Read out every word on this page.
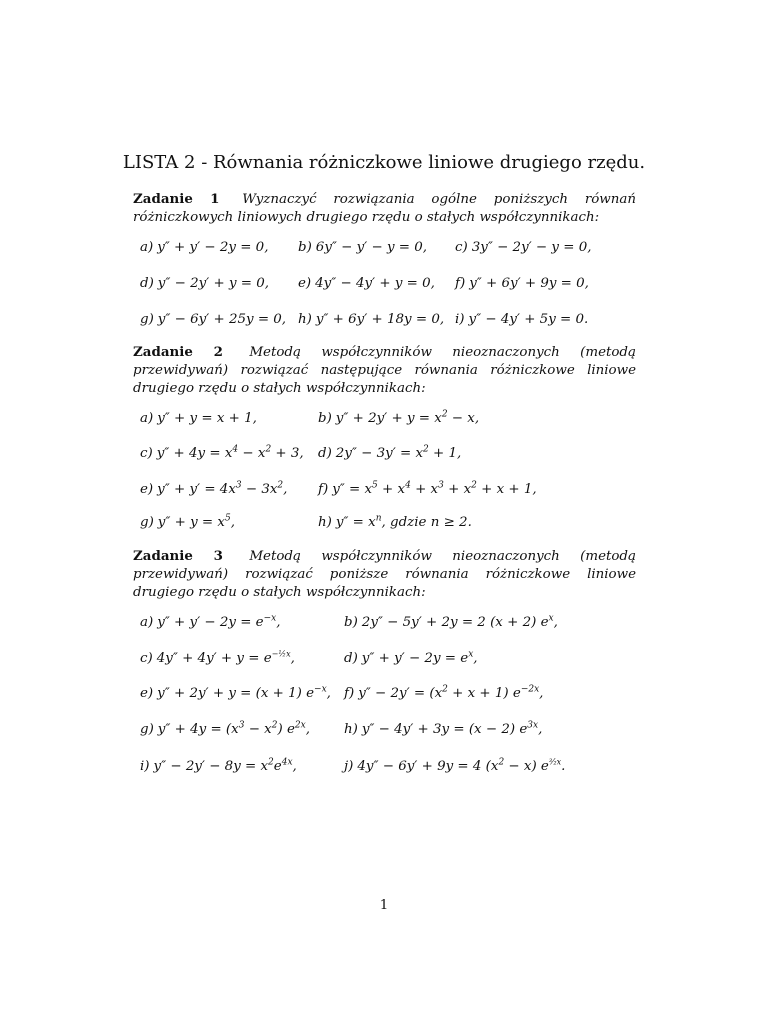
LISTA 2 - Równania różniczkowe liniowe drugiego rzędu.
Zadanie 1 Wyznaczyć rozwiązania ogólne poniższych równań różniczkowych liniowych drugiego rzędu o stałych współczynnikach:
a) y″ + y′ − 2y = 0, b) 6y″ − y′ − y = 0, c) 3y″ − 2y′ − y = 0,
d) y″ − 2y′ + y = 0, e) 4y″ − 4y′ + y = 0, f) y″ + 6y′ + 9y = 0,
g) y″ − 6y′ + 25y = 0, h) y″ + 6y′ + 18y = 0, i) y″ − 4y′ + 5y = 0.
Zadanie 2 Metodą współczynników nieoznaczonych (metodą przewidywań) rozwiązać następujące równania różniczkowe liniowe drugiego rzędu o stałych współczynnikach:
a) y″ + y = x + 1,	b) $y'' + 2y' + y = x^2 - x$,
c) $y'' + 4y = x^4 - x^2 + 3$, d) $2y'' - 3y' = x^2 + 1$,
e) $y'' + y' = 4x^3 - 3x^2$, f) $y'' = x^5 + x^4 + x^3 + x^2 + x + 1$,
g) $y'' + y = x^5$,	h) $y'' = x^n$, gdzie n ≥ 2.
Zadanie 3 Metodą współczynników nieoznaczonych (metodą przewidywań) rozwiązać poniższe równania różniczkowe liniowe drugiego rzędu o stałych współczynnikach:
a) $y'' + y' - 2y = e^{-x}$,	b) 2y″ − 5y′ + 2y = 2 (x + 2) $e^x$,
c) $4y'' + 4y' + y = e^{-\frac{1}{2}x}$,	d) $y'' + y' - 2y = e^x$,
e) y″ + 2y′ + y = (x + 1) $e^{-x}$, f) $y'' - 2y' = (x^2 + x + 1)$ $e^{-2x}$,
g) $y'' + 4y = (x^3 - x^2)$ $e^{2x}$,	h) y″ − 4y′ + 3y = (x − 2) $e^{3x}$,
i) $y'' - 2y' - 8y = x^2e^{4x}$,	j) 4y″ − 6y′ + 9y = 4 $(x^2 - x)$ $e^{^3⁄_2x}$.
1
